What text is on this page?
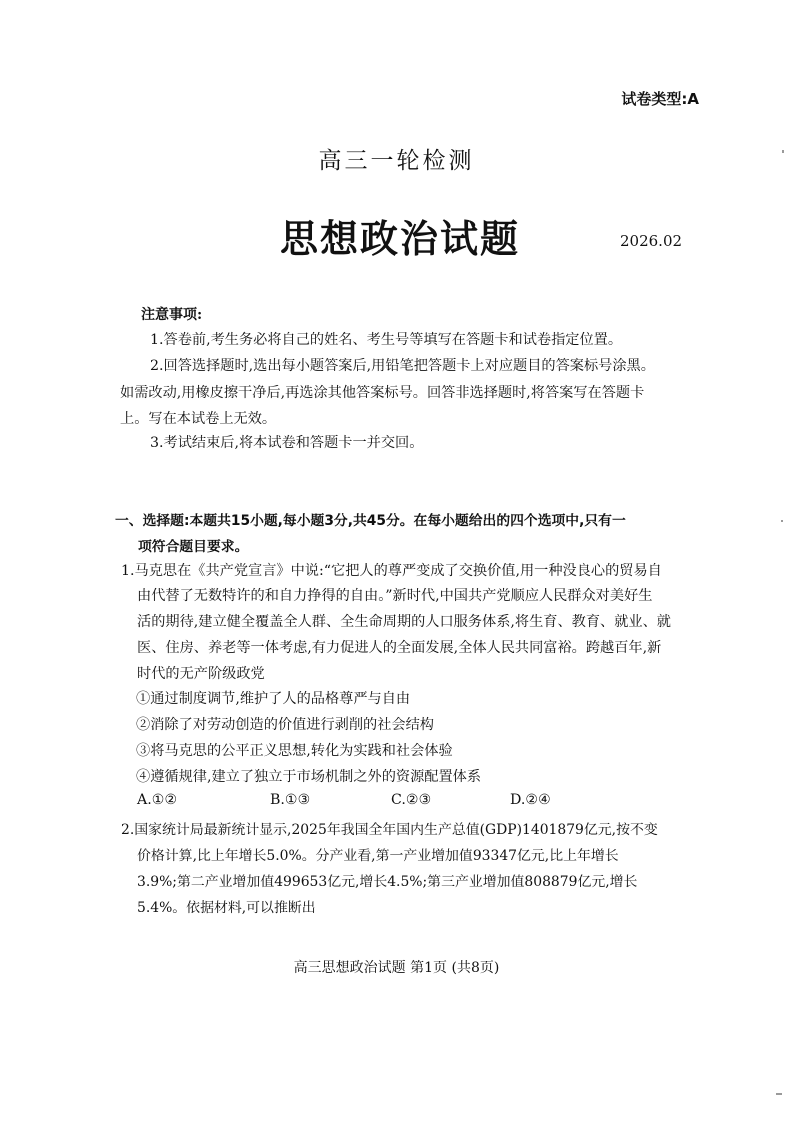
试卷类型:A
高三一轮检测
思想政治试题	2026.02
注意事项:
1.答卷前,考生务必将自己的姓名、考生号等填写在答题卡和试卷指定位置。
2.回答选择题时,选出每小题答案后,用铅笔把答题卡上对应题目的答案标号涂黑。
如需改动,用橡皮擦干净后,再选涂其他答案标号。回答非选择题时,将答案写在答题卡
上。写在本试卷上无效。
3.考试结束后,将本试卷和答题卡一并交回。
一、选择题:本题共15小题,每小题3分,共45分。在每小题给出的四个选项中,只有一
项符合题目要求。
1.马克思在《共产党宣言》中说:“它把人的尊严变成了交换价值,用一种没良心的贸易自
由代替了无数特许的和自力挣得的自由。”新时代,中国共产党顺应人民群众对美好生
活的期待,建立健全覆盖全人群、全生命周期的人口服务体系,将生育、教育、就业、就
医、住房、养老等一体考虑,有力促进人的全面发展,全体人民共同富裕。跨越百年,新
时代的无产阶级政党
①通过制度调节,维护了人的品格尊严与自由
②消除了对劳动创造的价值进行剥削的社会结构
③将马克思的公平正义思想,转化为实践和社会体验
④遵循规律,建立了独立于市场机制之外的资源配置体系
A.①②	B.①③	C.②③	D.②④
2.国家统计局最新统计显示,2025年我国全年国内生产总值(GDP)1401879亿元,按不变
价格计算,比上年增长5.0%。分产业看,第一产业增加值93347亿元,比上年增长
3.9%;第二产业增加值499653亿元,增长4.5%;第三产业增加值808879亿元,增长
5.4%。依据材料,可以推断出
高三思想政治试题 第1页 (共8页)
